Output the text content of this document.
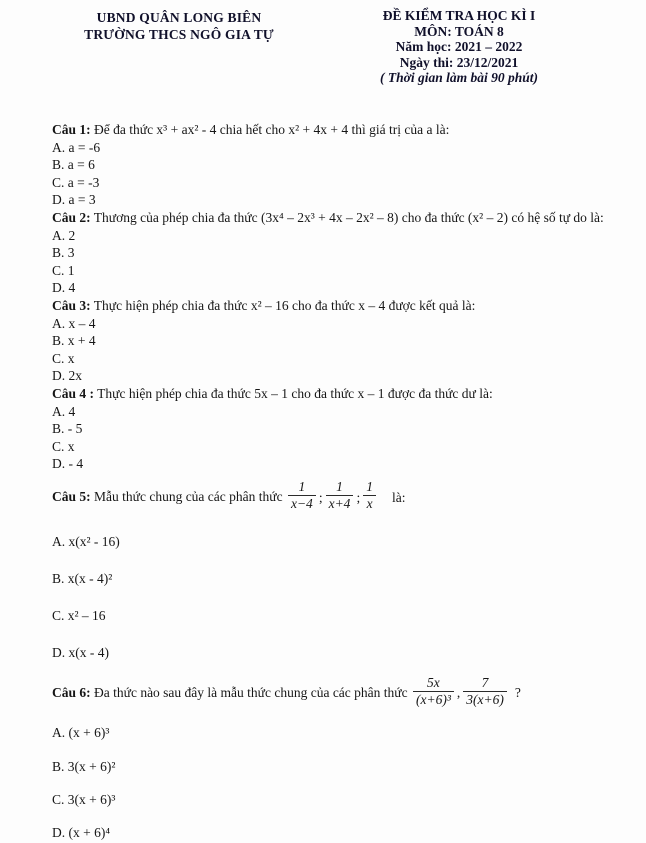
UBND QUÂN LONG BIÊN
TRƯỜNG THCS NGÔ GIA TỰ
ĐỀ KIỂM TRA HỌC KÌ I
MÔN: TOÁN 8
Năm học: 2021 – 2022
Ngày thi: 23/12/2021
( Thời gian làm bài 90 phút)
Câu 1: Để đa thức x³ + ax² - 4 chia hết cho x² + 4x + 4 thì giá trị của a là:
A. a = -6
B. a = 6
C. a = -3
D. a = 3
Câu 2: Thương của phép chia đa thức (3x⁴ – 2x³ + 4x – 2x² – 8) cho đa thức (x² – 2) có hệ số tự do là:
A. 2
B. 3
C. 1
D. 4
Câu 3: Thực hiện phép chia đa thức x² – 16 cho đa thức x – 4 được kết quả là:
A. x – 4
B. x + 4
C. x
D. 2x
Câu 4 : Thực hiện phép chia đa thức 5x – 1 cho đa thức x – 1 được đa thức dư là:
A. 4
B. - 5
C. x
D. - 4
Câu 5: Mẫu thức chung của các phân thức $\frac{1}{x-4}$ ; $\frac{1}{x+4}$ ; $\frac{1}{x}$ là:
A. x(x² - 16)
B. x(x - 4)²
C. x² – 16
D. x(x - 4)
Câu 6: Đa thức nào sau đây là mẫu thức chung của các phân thức $\frac{5x}{\text{(x+6)³}}$ , $\frac{7}{3(x+6)}$ ?
A. (x + 6)³
B. 3(x + 6)²
C. 3(x + 6)³
D. (x + 6)⁴
